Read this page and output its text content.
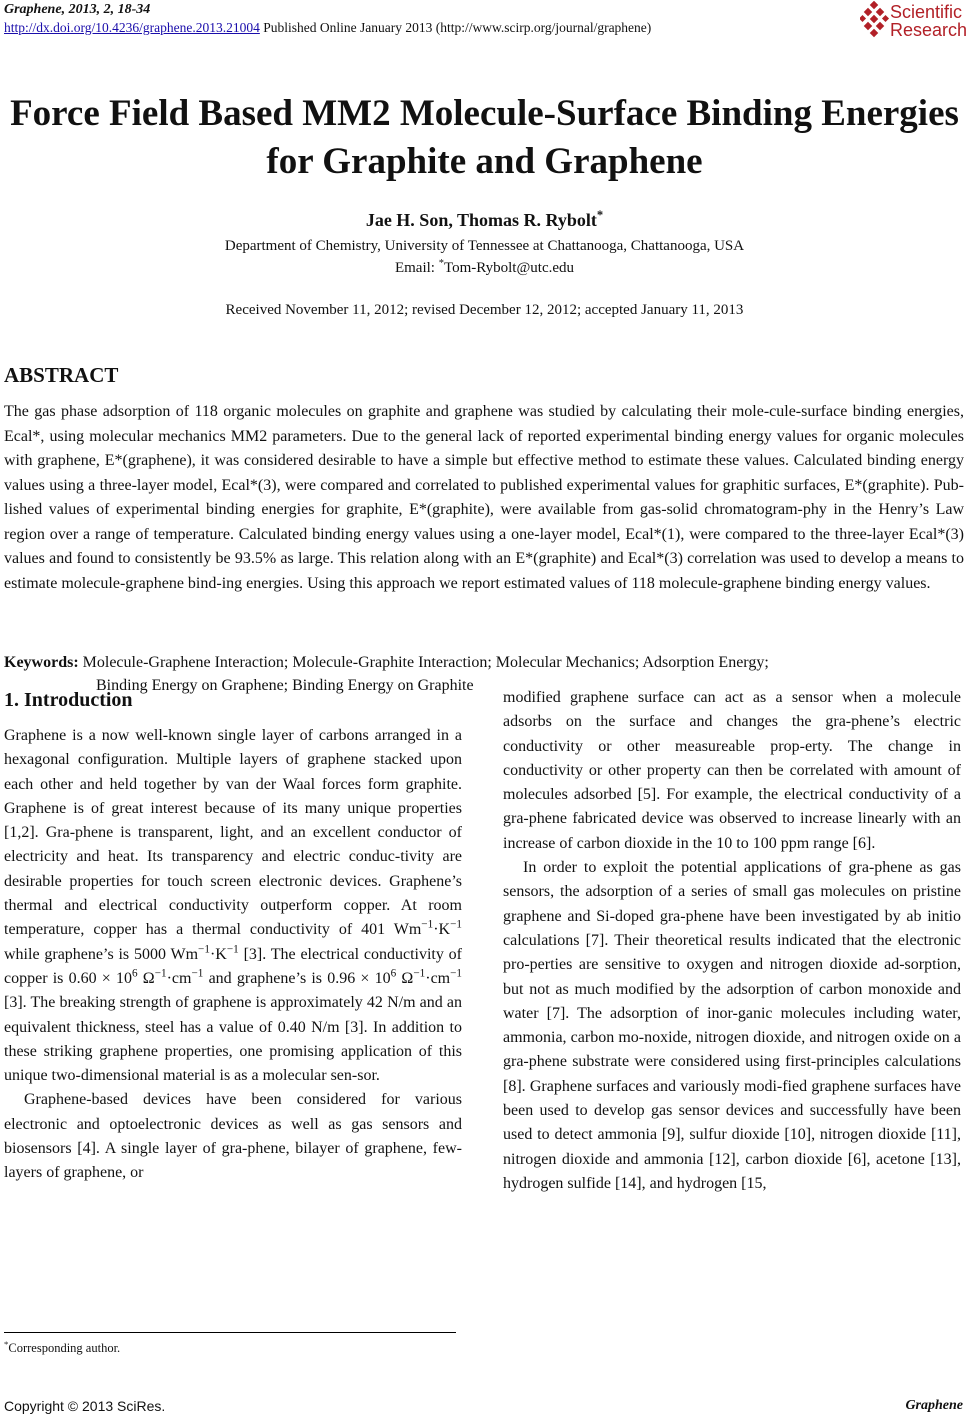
Graphene, 2013, 2, 18-34
http://dx.doi.org/10.4236/graphene.2013.21004 Published Online January 2013 (http://www.scirp.org/journal/graphene)
Scientific
Research
Force Field Based MM2 Molecule-Surface Binding Energies for Graphite and Graphene
Jae H. Son, Thomas R. Rybolt*
Department of Chemistry, University of Tennessee at Chattanooga, Chattanooga, USA
Email: *Tom-Rybolt@utc.edu
Received November 11, 2012; revised December 12, 2012; accepted January 11, 2013
ABSTRACT
The gas phase adsorption of 118 organic molecules on graphite and graphene was studied by calculating their mole-cule-surface binding energies, Ecal*, using molecular mechanics MM2 parameters. Due to the general lack of reported experimental binding energy values for organic molecules with graphene, E*(graphene), it was considered desirable to have a simple but effective method to estimate these values. Calculated binding energy values using a three-layer model, Ecal*(3), were compared and correlated to published experimental values for graphitic surfaces, E*(graphite). Pub-lished values of experimental binding energies for graphite, E*(graphite), were available from gas-solid chromatogram-phy in the Henry’s Law region over a range of temperature. Calculated binding energy values using a one-layer model, Ecal*(1), were compared to the three-layer Ecal*(3) values and found to consistently be 93.5% as large. This relation along with an E*(graphite) and Ecal*(3) correlation was used to develop a means to estimate molecule-graphene bind-ing energies. Using this approach we report estimated values of 118 molecule-graphene binding energy values.
Keywords: Molecule-Graphene Interaction; Molecule-Graphite Interaction; Molecular Mechanics; Adsorption Energy;
Binding Energy on Graphene; Binding Energy on Graphite
1. Introduction

Graphene is a now well-known single layer of carbons arranged in a hexagonal configuration. Multiple layers of graphene stacked upon each other and held together by van der Waal forces form graphite. Graphene is of great interest because of its many unique properties [1,2]. Gra-phene is transparent, light, and an excellent conductor of electricity and heat. Its transparency and electric conduc-tivity are desirable properties for touch screen electronic devices. Graphene’s thermal and electrical conductivity outperform copper. At room temperature, copper has a thermal conductivity of 401 $Wm^{-1}\cdot K^{-1}$ while graphene’s is 5000 $Wm^{-1}\cdot K^{-1}$ [3]. The electrical conductivity of copper is $0.60 \times 10^6$ $\Omega^{-1}\cdot cm^{-1}$ and graphene’s is $0.96 \times 10^6$ $\Omega^{-1}\cdot cm^{-1}$ [3]. The breaking strength of graphene is approximately 42 N/m and an equivalent thickness, steel has a value of 0.40 N/m [3]. In addition to these striking graphene properties, one promising application of this unique two-dimensional material is as a molecular sen-sor.

Graphene-based devices have been considered for various electronic and optoelectronic devices as well as gas sensors and biosensors [4]. A single layer of gra-phene, bilayer of graphene, few-layers of graphene, or

modified graphene surface can act as a sensor when a molecule adsorbs on the surface and changes the gra-phene’s electric conductivity or other measureable prop-erty. The change in conductivity or other property can then be correlated with amount of molecules adsorbed [5]. For example, the electrical conductivity of a gra-phene fabricated device was observed to increase linearly with an increase of carbon dioxide in the 10 to 100 ppm range [6].

In order to exploit the potential applications of gra-phene as gas sensors, the adsorption of a series of small gas molecules on pristine graphene and Si-doped gra-phene have been investigated by ab initio calculations [7]. Their theoretical results indicated that the electronic pro-perties are sensitive to oxygen and nitrogen dioxide ad-sorption, but not as much modified by the adsorption of carbon monoxide and water [7]. The adsorption of inor-ganic molecules including water, ammonia, carbon mo-noxide, nitrogen dioxide, and nitrogen oxide on a gra-phene substrate were considered using first-principles calculations [8]. Graphene surfaces and variously modi-fied graphene surfaces have been used to develop gas sensor devices and successfully have been used to detect ammonia [9], sulfur dioxide [10], nitrogen dioxide [11], nitrogen dioxide and ammonia [12], carbon dioxide [6], acetone [13], hydrogen sulfide [14], and hydrogen [15,

*Corresponding author.
Copyright © 2013 SciRes.	Graphene
